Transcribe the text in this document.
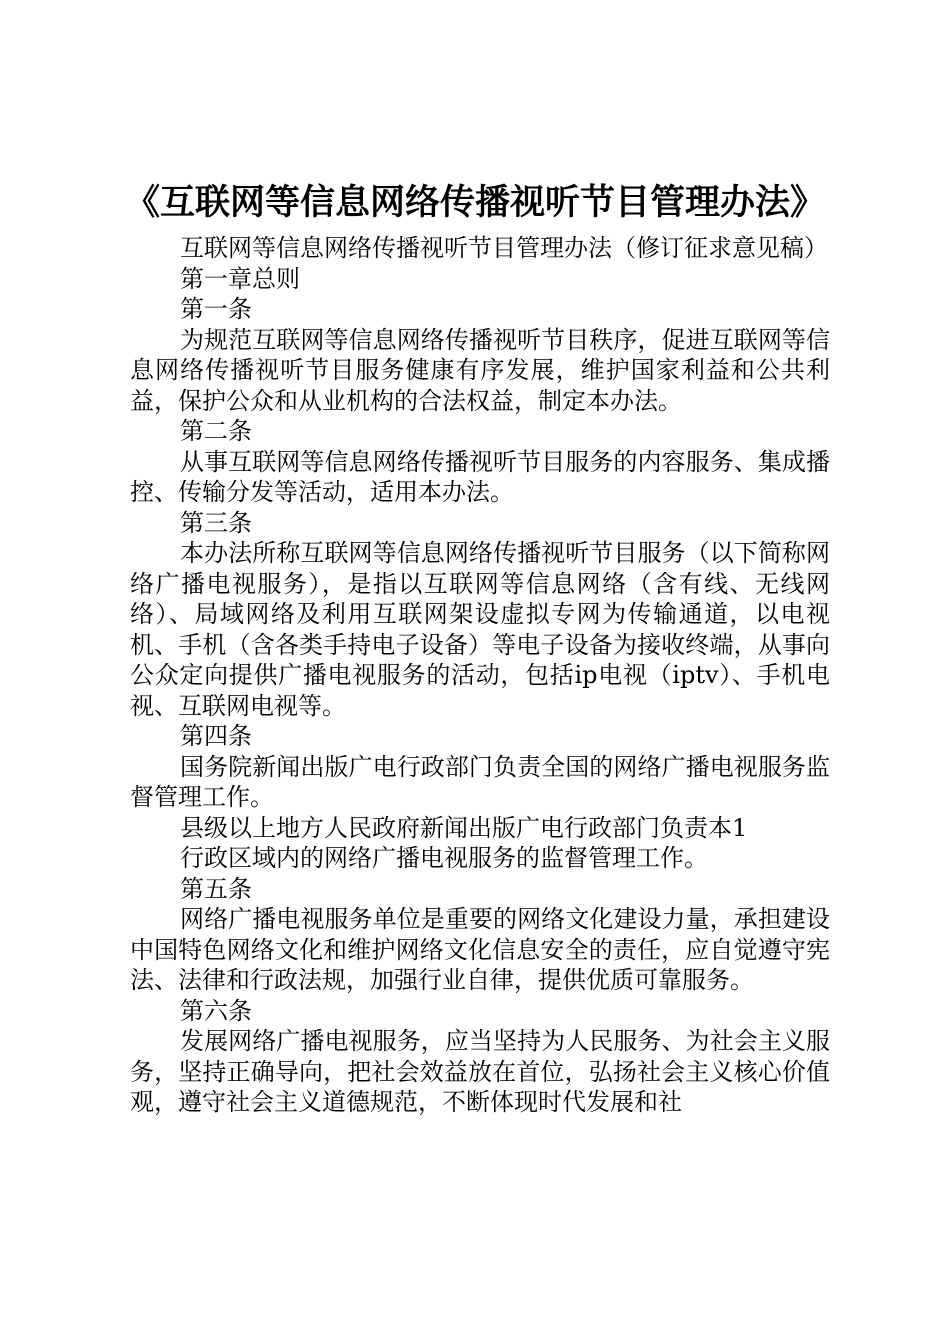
《互联网等信息网络传播视听节目管理办法》

互联网等信息网络传播视听节目管理办法（修订征求意见稿）

第一章总则

第一条

为规范互联网等信息网络传播视听节目秩序，促进互联网等信息网络传播视听节目服务健康有序发展，维护国家利益和公共利益，保护公众和从业机构的合法权益，制定本办法。

第二条

从事互联网等信息网络传播视听节目服务的内容服务、集成播控、传输分发等活动，适用本办法。

第三条

本办法所称互联网等信息网络传播视听节目服务（以下简称网络广播电视服务），是指以互联网等信息网络（含有线、无线网络）、局域网络及利用互联网架设虚拟专网为传输通道，以电视机、手机（含各类手持电子设备）等电子设备为接收终端，从事向公众定向提供广播电视服务的活动，包括ip电视（iptv）、手机电视、互联网电视等。

第四条

国务院新闻出版广电行政部门负责全国的网络广播电视服务监督管理工作。

县级以上地方人民政府新闻出版广电行政部门负责本1

行政区域内的网络广播电视服务的监督管理工作。

第五条

网络广播电视服务单位是重要的网络文化建设力量，承担建设中国特色网络文化和维护网络文化信息安全的责任，应自觉遵守宪法、法律和行政法规，加强行业自律，提供优质可靠服务。

第六条

发展网络广播电视服务，应当坚持为人民服务、为社会主义服务，坚持正确导向，把社会效益放在首位，弘扬社会主义核心价值观，遵守社会主义道德规范，不断体现时代发展和社
